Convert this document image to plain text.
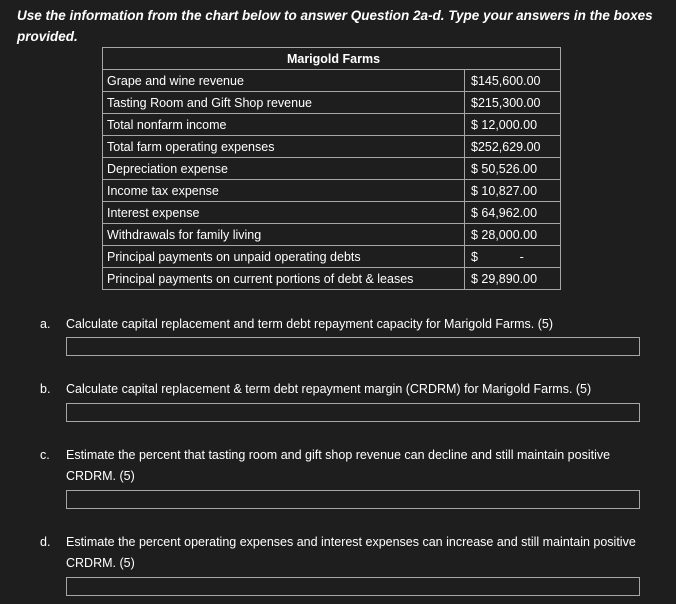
Use the information from the chart below to answer Question 2a-d. Type your answers in the boxes provided.
Marigold Farms	
Grape and wine revenue	$145,600.00
Tasting Room and Gift Shop revenue	$215,300.00
Total nonfarm income	$ 12,000.00
Total farm operating expenses	$252,629.00
Depreciation expense	$ 50,526.00
Income tax expense	$ 10,827.00
Interest expense	$ 64,962.00
Withdrawals for family living	$ 28,000.00
Principal payments on unpaid operating debts	$            -
Principal payments on current portions of debt & leases	$ 29,890.00
a. Calculate capital replacement and term debt repayment capacity for Marigold Farms. (5)
b. Calculate capital replacement & term debt repayment margin (CRDRM) for Marigold Farms. (5)
c. Estimate the percent that tasting room and gift shop revenue can decline and still maintain positive CRDRM. (5)
d. Estimate the percent operating expenses and interest expenses can increase and still maintain positive CRDRM. (5)
